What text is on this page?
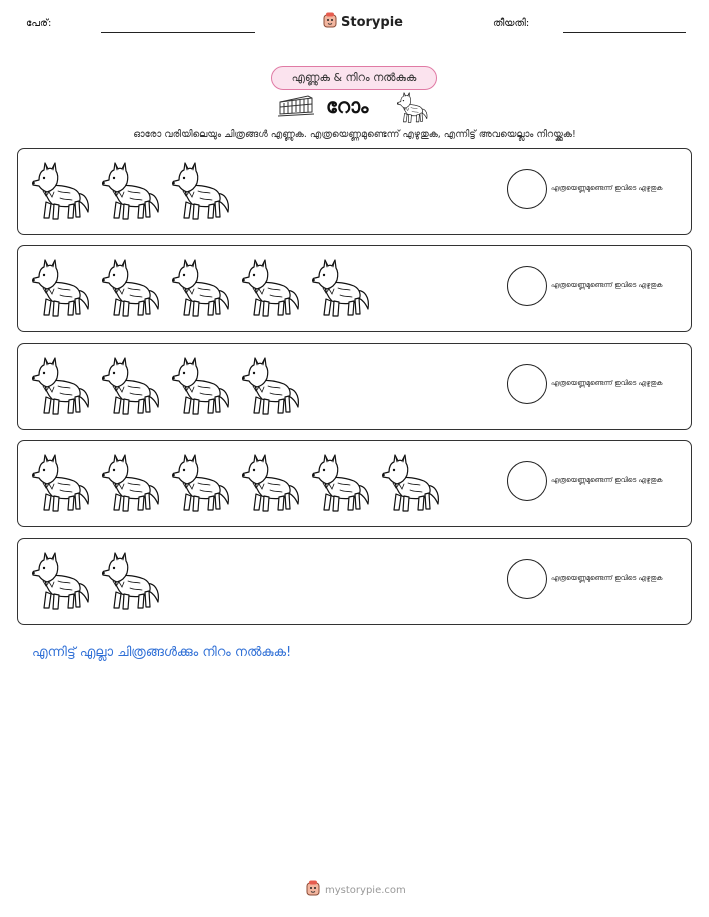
പേര്:	Storypie	തീയതി:
എണ്ണുക & നിറം നൽകുക
റോം
ഓരോ വരിയിലെയും ചിത്രങ്ങൾ എണ്ണുക. എത്രയെണ്ണമുണ്ടെന്ന് എഴുതുക, എന്നിട്ട് അവയെല്ലാം നിറയ്ക്കുക!
എത്രയെണ്ണമുണ്ടെന്ന് ഇവിടെ എഴുതുക
എത്രയെണ്ണമുണ്ടെന്ന് ഇവിടെ എഴുതുക
എത്രയെണ്ണമുണ്ടെന്ന് ഇവിടെ എഴുതുക
എത്രയെണ്ണമുണ്ടെന്ന് ഇവിടെ എഴുതുക
എത്രയെണ്ണമുണ്ടെന്ന് ഇവിടെ എഴുതുക
എന്നിട്ട് എല്ലാ ചിത്രങ്ങൾക്കും നിറം നൽകുക!
mystorypie.com
